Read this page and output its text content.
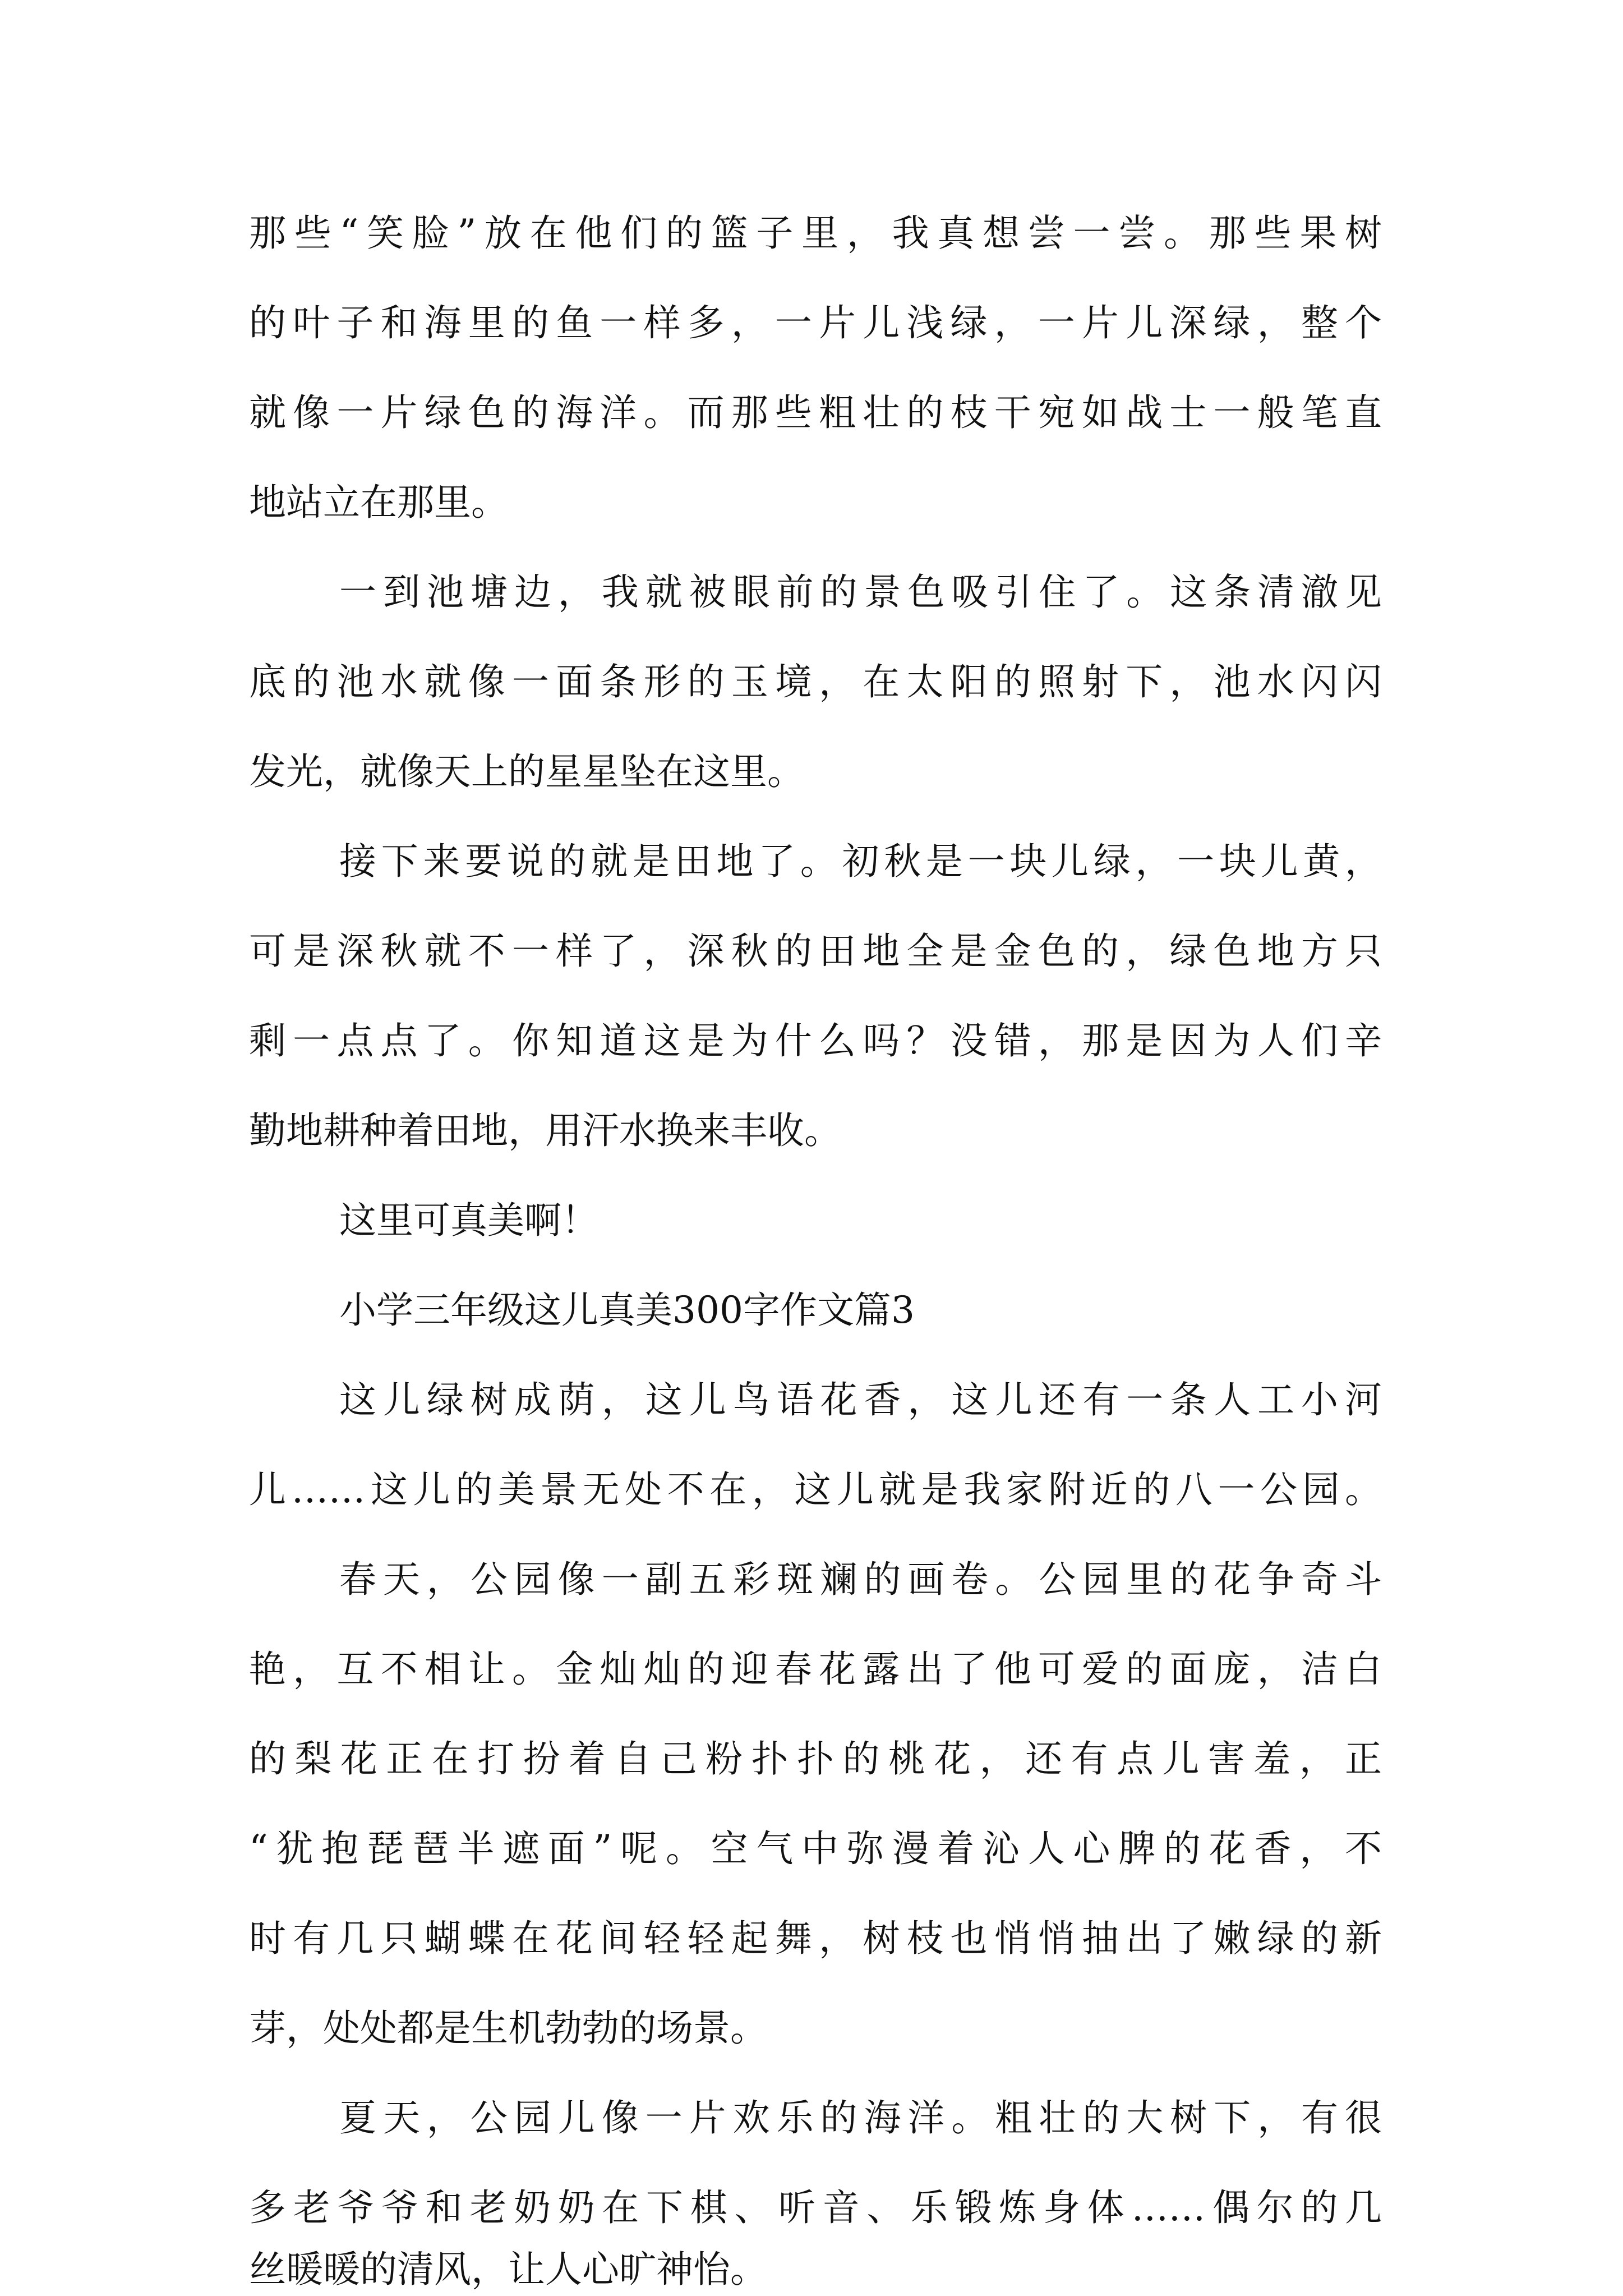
那些“笑脸”放在他们的篮子里，我真想尝一尝。那些果树
的叶子和海里的鱼一样多，一片儿浅绿，一片儿深绿，整个
就像一片绿色的海洋。而那些粗壮的枝干宛如战士一般笔直
地站立在那里。
一到池塘边，我就被眼前的景色吸引住了。这条清澈见
底的池水就像一面条形的玉境，在太阳的照射下，池水闪闪
发光，就像天上的星星坠在这里。
接下来要说的就是田地了。初秋是一块儿绿，一块儿黄，
可是深秋就不一样了，深秋的田地全是金色的，绿色地方只
剩一点点了。你知道这是为什么吗？没错，那是因为人们辛
勤地耕种着田地，用汗水换来丰收。
这里可真美啊！
小学三年级这儿真美300字作文篇3
这儿绿树成荫，这儿鸟语花香，这儿还有一条人工小河
儿……这儿的美景无处不在，这儿就是我家附近的八一公园。
春天，公园像一副五彩斑斓的画卷。公园里的花争奇斗
艳，互不相让。金灿灿的迎春花露出了他可爱的面庞，洁白
的梨花正在打扮着自己粉扑扑的桃花，还有点儿害羞，正
“犹抱琵琶半遮面”呢。空气中弥漫着沁人心脾的花香，不
时有几只蝴蝶在花间轻轻起舞，树枝也悄悄抽出了嫩绿的新
芽，处处都是生机勃勃的场景。
夏天，公园儿像一片欢乐的海洋。粗壮的大树下，有很
多老爷爷和老奶奶在下棋、听音、乐锻炼身体……偶尔的几
丝暖暖的清风，让人心旷神怡。
